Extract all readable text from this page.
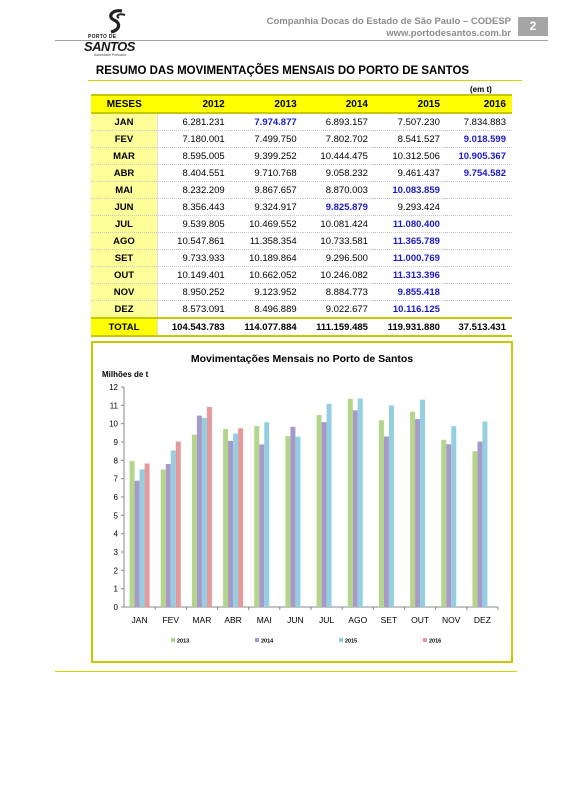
PORTO DE
SANTOS
Autoridade Portuária
Companhia Docas do Estado de São Paulo – CODESP
www.portodesantos.com.br
2
RESUMO DAS MOVIMENTAÇÕES MENSAIS DO PORTO DE SANTOS
(em t)
MESES	2012	2013	2014	2015	2016
JAN	6.281.231	7.974.877	6.893.157	7.507.230	7.834.883
FEV	7.180.001	7.499.750	7.802.702	8.541.527	9.018.599
MAR	8.595.005	9.399.252	10.444.475	10.312.506	10.905.367
ABR	8.404.551	9.710.768	9.058.232	9.461.437	9.754.582
MAI	8.232.209	9.867.657	8.870.003	10.083.859	
JUN	8.356.443	9.324.917	9.825.879	9.293.424	
JUL	9.539.805	10.469.552	10.081.424	11.080.400	
AGO	10.547.861	11.358.354	10.733.581	11.365.789	
SET	9.733.933	10.189.864	9.296.500	11.000.769	
OUT	10.149.401	10.662.052	10.246.082	11.313.396	
NOV	8.950.252	9.123.952	8.884.773	9.855.418	
DEZ	8.573.091	8.496.889	9.022.677	10.116.125	
TOTAL	104.543.783	114.077.884	111.159.485	119.931.880	37.513.431
Movimentações Mensais no Porto de Santos
Milhões de t
0
1
2
3
4
5
6
7
8
9
10
11
12
JAN FEV MAR ABR MAI JUN JUL AGO SET OUT NOV DEZ
2013	2014	2015	2016
